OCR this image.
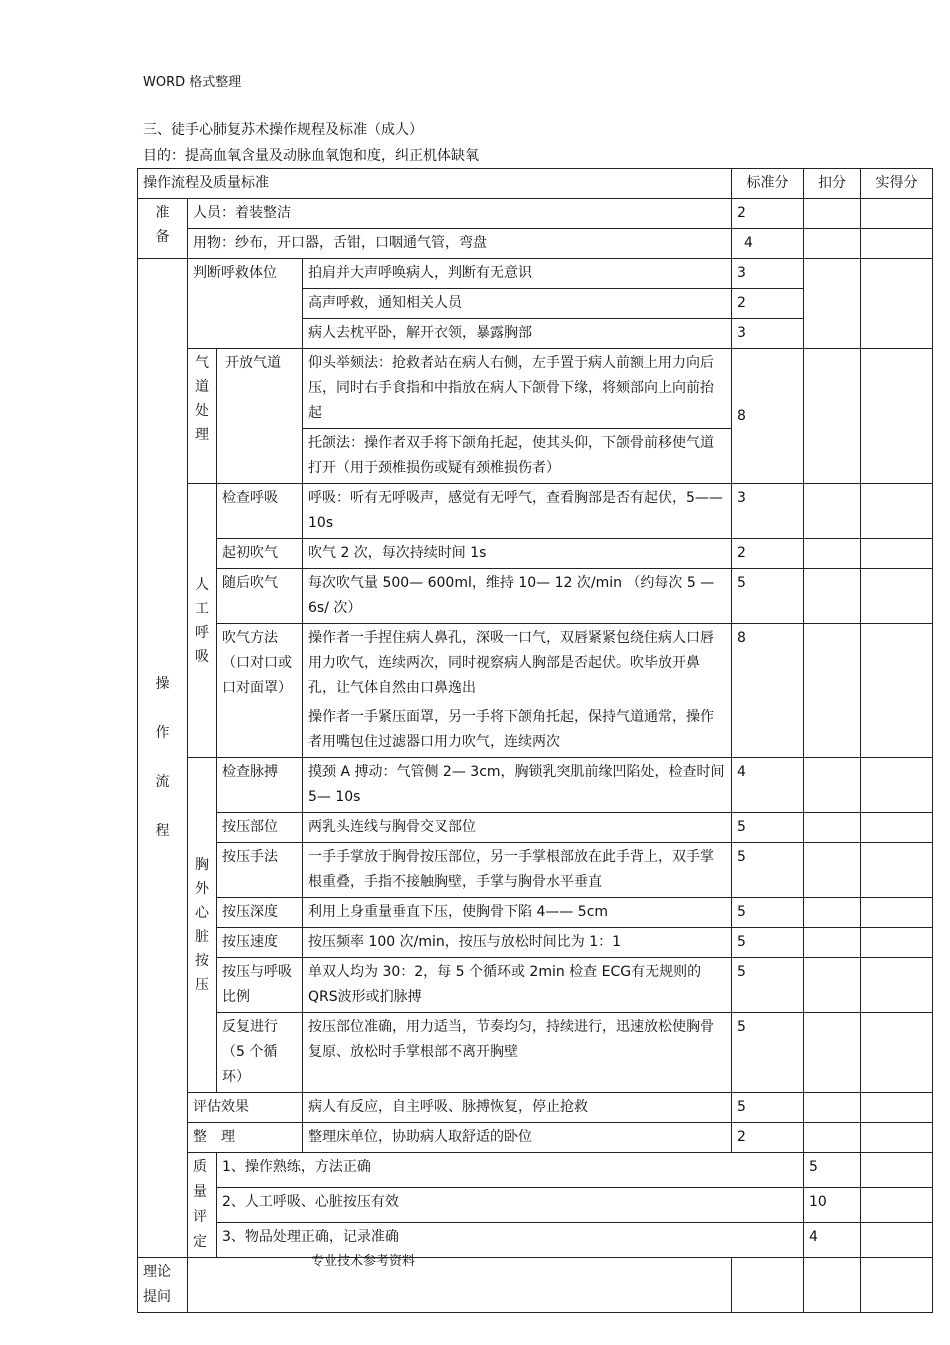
WORD 格式整理
三、徒手心肺复苏术操作规程及标准（成人）
目的：提高血氧含量及动脉血氧饱和度，纠正机体缺氧
操作流程及质量标准				标准分	扣分	实得分	
准备	人员：着装整洁			2			
	用物：纱布，开口器，舌钳，口咽通气管，弯盘			4			
操作流程	判断呼救体位		拍肩并大声呼唤病人，判断有无意识	3			
			高声呼救，通知相关人员	2			
			病人去枕平卧，解开衣领，暴露胸部	3			
	气道处理	开放气道	仰头举颏法：抢救者站在病人右侧，左手置于病人前额上用力向后压，同时右手食指和中指放在病人下颌骨下缘，将颏部向上向前抬起	8			
			托颌法：操作者双手将下颌角托起，使其头仰，下颌骨前移使气道打开（用于颈椎损伤或疑有颈椎损伤者）				
	人工呼吸	检查呼吸	呼吸：听有无呼吸声，感觉有无呼气，查看胸部是否有起伏，5—— 10s	3			
		起初吹气	吹气 2 次，每次持续时间 1s	2			
		随后吹气	每次吹气量 500— 600ml，维持 10— 12 次/min （约每次 5 — 6s/ 次）	5			
		吹气方法（口对口或口对面罩）	操作者一手捏住病人鼻孔，深吸一口气，双唇紧紧包绕住病人口唇用力吹气，连续两次，同时视察病人胸部是否起伏。吹毕放开鼻孔，让气体自然由口鼻逸出	8			
			操作者一手紧压面罩，另一手将下颌角托起，保持气道通常，操作者用嘴包住过滤器口用力吹气，连续两次				
	胸外心脏按压	检查脉搏	摸颈 A 搏动：气管侧 2— 3cm，胸锁乳突肌前缘凹陷处，检查时间 5— 10s	4			
		按压部位	两乳头连线与胸骨交叉部位	5			
		按压手法	一手手掌放于胸骨按压部位，另一手掌根部放在此手背上，双手掌根重叠，手指不接触胸壁，手掌与胸骨水平垂直	5			
		按压深度	利用上身重量垂直下压，使胸骨下陷 4—— 5cm	5			
		按压速度	按压频率 100 次/min，按压与放松时间比为 1：1	5			
		按压与呼吸比例	单双人均为 30：2，每 5 个循环或 2min 检查 ECG有无规则的 QRS波形或扪脉搏	5			
		反复进行（5 个循环）	按压部位准确，用力适当，节奏均匀，持续进行，迅速放松使胸骨复原、放松时手掌根部不离开胸壁	5			
	评估效果		病人有反应，自主呼吸、脉搏恢复，停止抢救	5			
	整　理		整理床单位，协助病人取舒适的卧位	2			
	质量评定	1、操作熟练，方法正确			5		
		2、人工呼吸、心脏按压有效			10		
		3、物品处理正确，记录准确			4		
理论提问							
专业技术参考资料
